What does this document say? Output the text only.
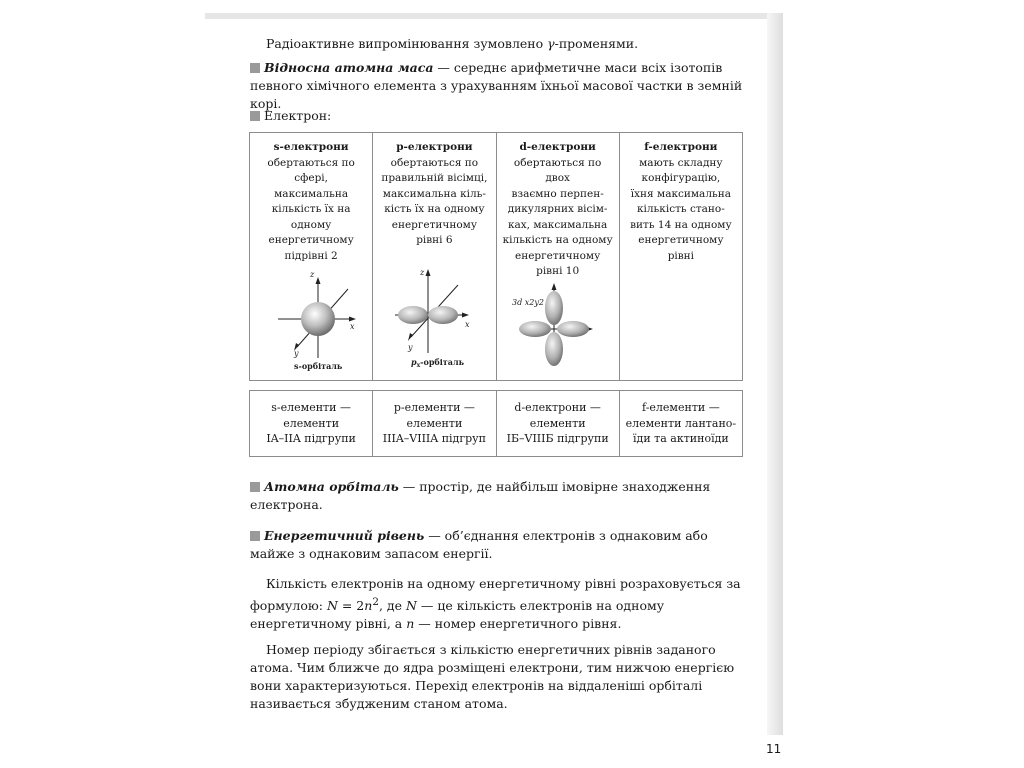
Радіоактивне випромінювання зумовлено γ-променями.

Відносна атомна маса — середнє арифметичне маси всіх ізотопів певного хімічного елемента з урахуванням їхньої масової частки в земній корі.

Електрон:

s-електрони
обертаються по сфері,
максимальна
кількість їх на
одному енергетичному
підрівні 2
z
x
y
s-орбіталь
p-електрони
обертаються по
правильній вісімці,
максимальна кіль-
кість їх на одному
енергетичному
рівні 6
z
x
y
$p_x$-орбіталь
d-електрони
обертаються по двох
взаємно перпен-
дикулярних вісім-
ках, максимальна
кількість на одному
енергетичному
рівні 10
3d x2y2
f-електрони
мають складну
конфігурацію,
їхня максимальна
кількість стано-
вить 14 на одному
енергетичному
рівні
s-елементи —
елементи
IA–IIA підгрупи
p-елементи —
елементи
IIIA–VIIIA підгруп
d-електрони —
елементи
IБ–VIIIБ підгрупи
f-елементи —
елементи лантано-
їди та актиноїди

Атомна орбіталь — простір, де найбільш імовірне знаходження електрона.

Енергетичний рівень — об’єднання електронів з однаковим або майже з однаковим запасом енергії.

Кількість електронів на одному енергетичному рівні розраховується за формулою: $N = 2n^2$, де N — це кількість електронів на одному енергетичному рівні, а n — номер енергетичного рівня.

Номер періоду збігається з кількістю енергетичних рівнів заданого атома. Чим ближче до ядра розміщені електрони, тим нижчою енергією вони характеризуються. Перехід електронів на віддаленіші орбіталі називається збудженим станом атома.

11
